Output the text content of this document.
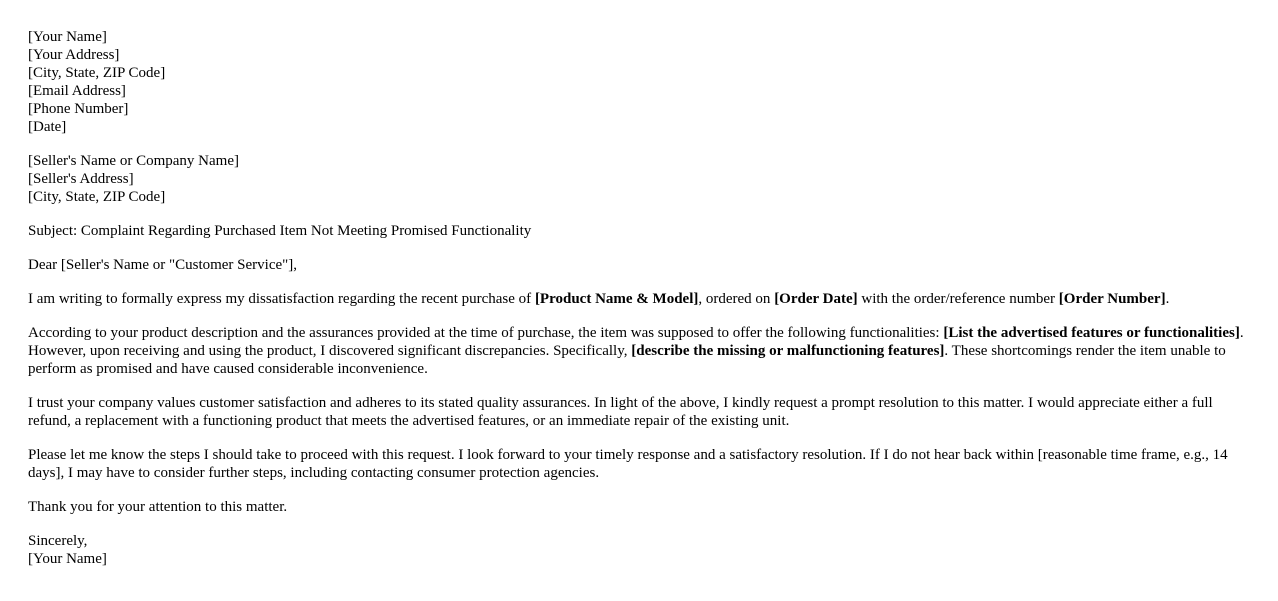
[Your Name]
[Your Address]
[City, State, ZIP Code]
[Email Address]
[Phone Number]
[Date]
[Seller's Name or Company Name]
[Seller's Address]
[City, State, ZIP Code]

Subject: Complaint Regarding Purchased Item Not Meeting Promised Functionality

Dear [Seller's Name or "Customer Service"],

I am writing to formally express my dissatisfaction regarding the recent purchase of [Product Name & Model], ordered on [Order Date] with the order/reference number [Order Number].

According to your product description and the assurances provided at the time of purchase, the item was supposed to offer the following functionalities: [List the advertised features or functionalities]. However, upon receiving and using the product, I discovered significant discrepancies. Specifically, [describe the missing or malfunctioning features]. These shortcomings render the item unable to perform as promised and have caused considerable inconvenience.

I trust your company values customer satisfaction and adheres to its stated quality assurances. In light of the above, I kindly request a prompt resolution to this matter. I would appreciate either a full refund, a replacement with a functioning product that meets the advertised features, or an immediate repair of the existing unit.

Please let me know the steps I should take to proceed with this request. I look forward to your timely response and a satisfactory resolution. If I do not hear back within [reasonable time frame, e.g., 14 days], I may have to consider further steps, including contacting consumer protection agencies.

Thank you for your attention to this matter.

Sincerely,
[Your Name]
